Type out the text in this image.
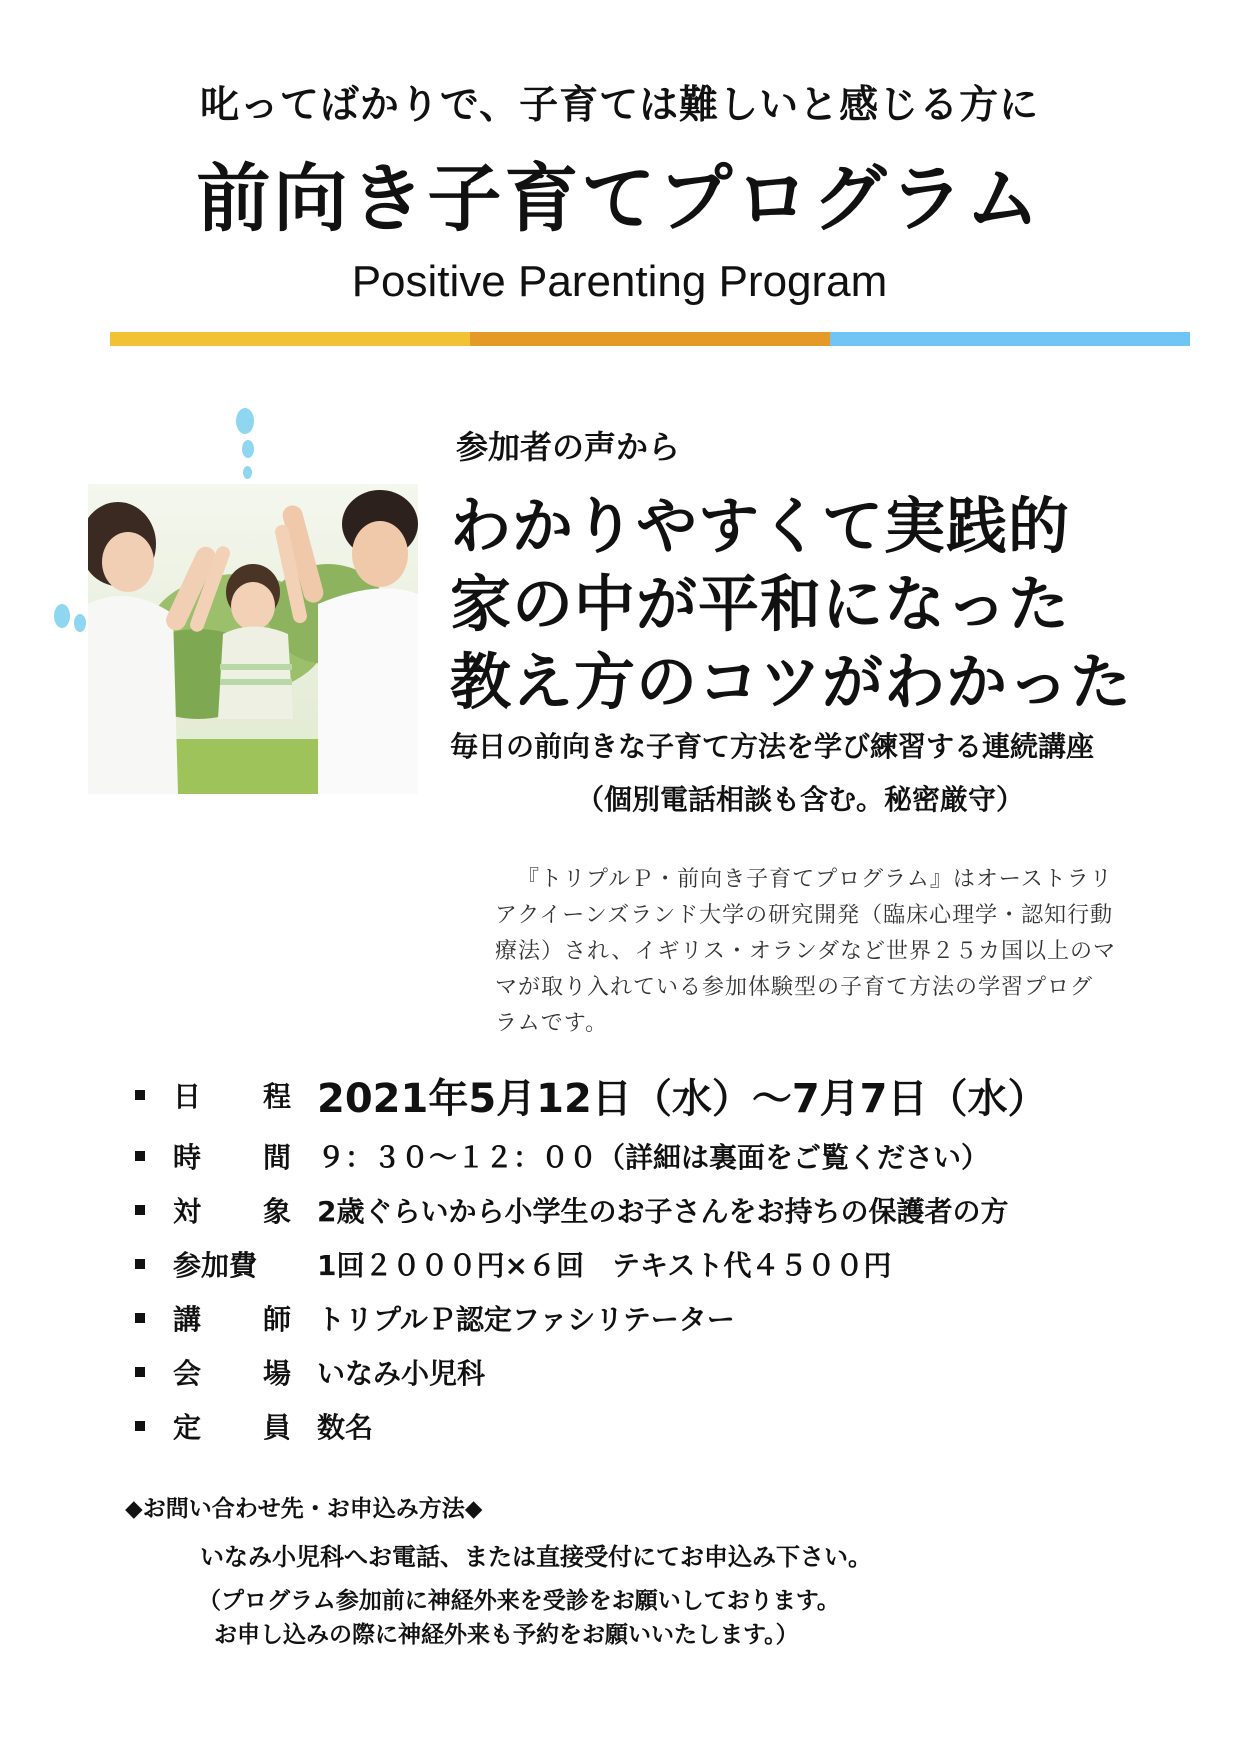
叱ってばかりで、子育ては難しいと感じる方に
前向き子育てプログラム
Positive Parenting Program
参加者の声から
わかりやすくて実践的
家の中が平和になった
教え方のコツがわかった
毎日の前向きな子育て方法を学び練習する連続講座
（個別電話相談も含む。秘密厳守）

『トリプルＰ・前向き子育てプログラム』はオーストラリ

アクイーンズランド大学の研究開発（臨床心理学・認知行動

療法）され、イギリス・オランダなど世界２５カ国以上のマ

マが取り入れている参加体験型の子育て方法の学習プログ

ラムです。

日 程 2021年5月12日（水）～7月7日（水）
時 間 ９：３０～１２：００（詳細は裏面をご覧ください）
対 象 2歳ぐらいから小学生のお子さんをお持ちの保護者の方
参加費 1回２０００円×６回　テキスト代４５００円
講 師 トリプルＰ認定ファシリテーター
会 場 いなみ小児科
定 員 数名
◆お問い合わせ先・お申込み方法◆
いなみ小児科へお電話、または直接受付にてお申込み下さい。
（プログラム参加前に神経外来を受診をお願いしております。
お申し込みの際に神経外来も予約をお願いいたします。）
